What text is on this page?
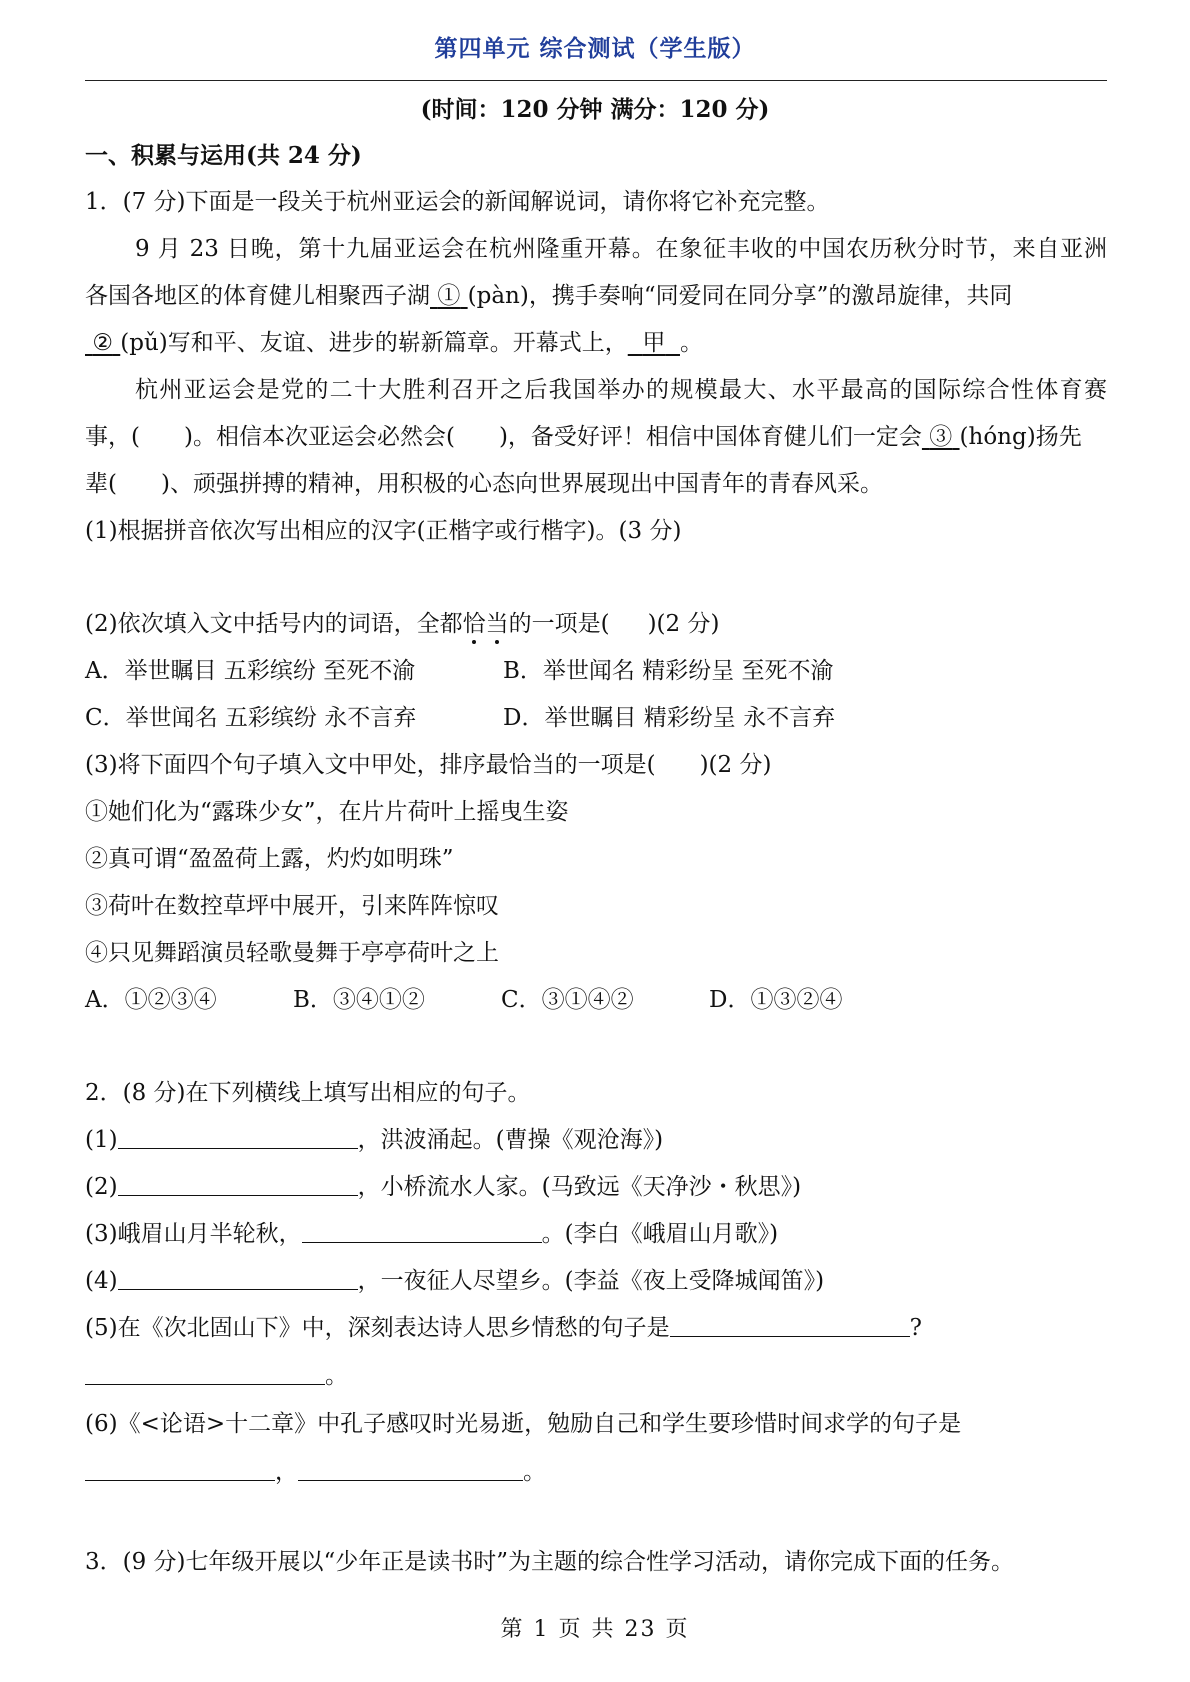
第四单元 综合测试（学生版）
(时间：120 分钟 满分：120 分)
一、积累与运用(共 24 分)
1．(7 分)下面是一段关于杭州亚运会的新闻解说词，请你将它补充完整。
9 月 23 日晚，第十九届亚运会在杭州隆重开幕。在象征丰收的中国农历秋分时节，来自亚洲
各国各地区的体育健儿相聚西子湖 ① (pàn)，携手奏响“同爱同在同分享”的激昂旋律，共同
② (pǔ)写和平、友谊、进步的崭新篇章。开幕式上， 甲 。
杭州亚运会是党的二十大胜利召开之后我国举办的规模最大、水平最高的国际综合性体育赛
事，( )。相信本次亚运会必然会( )，备受好评！相信中国体育健儿们一定会 ③ (hóng)扬先
辈( )、顽强拼搏的精神，用积极的心态向世界展现出中国青年的青春风采。
(1)根据拼音依次写出相应的汉字(正楷字或行楷字)。(3 分)
(2)依次填入文中括号内的词语，全都恰当的一项是( )(2 分)
A．举世瞩目 五彩缤纷 至死不渝	B．举世闻名 精彩纷呈 至死不渝
C．举世闻名 五彩缤纷 永不言弃	D．举世瞩目 精彩纷呈 永不言弃
(3)将下面四个句子填入文中甲处，排序最恰当的一项是( )(2 分)
①她们化为“露珠少女”，在片片荷叶上摇曳生姿
②真可谓“盈盈荷上露，灼灼如明珠”
③荷叶在数控草坪中展开，引来阵阵惊叹
④只见舞蹈演员轻歌曼舞于亭亭荷叶之上
A．①②③④	B．③④①②	C．③①④②	D．①③②④
2．(8 分)在下列横线上填写出相应的句子。
(1)	，洪波涌起。(曹操《观沧海》)
(2)	，小桥流水人家。(马致远《天净沙・秋思》)
(3)峨眉山月半轮秋，	。(李白《峨眉山月歌》)
(4)	，一夜征人尽望乡。(李益《夜上受降城闻笛》)
(5)在《次北固山下》中，深刻表达诗人思乡情愁的句子是	?
。
(6)《<论语>十二章》中孔子感叹时光易逝，勉励自己和学生要珍惜时间求学的句子是
，	。
3．(9 分)七年级开展以“少年正是读书时”为主题的综合性学习活动，请你完成下面的任务。
第 1 页 共 23 页
